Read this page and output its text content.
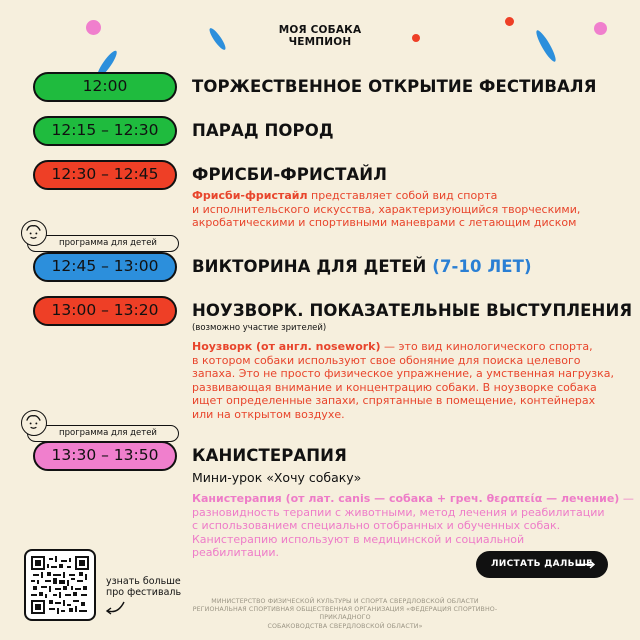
МОЯ СОБАКА
ЧЕМПИОН
12:00	ТОРЖЕСТВЕННОЕ ОТКРЫТИЕ ФЕСТИВАЛЯ
12:15 – 12:30	ПАРАД ПОРОД
12:30 – 12:45	ФРИСБИ-ФРИСТАЙЛ
Фрисби-фристайл представляет собой вид спорта
и исполнительского искусства, характеризующийся творческими,
акробатическими и спортивными маневрами с летающим диском
программа для детей
12:45 – 13:00	ВИКТОРИНА ДЛЯ ДЕТЕЙ (7-10 ЛЕТ)
13:00 – 13:20	НОУЗВОРК. ПОКАЗАТЕЛЬНЫЕ ВЫСТУПЛЕНИЯ
(возможно участие зрителей)
Ноузворк (от англ. nosework) — это вид кинологического спорта,
в котором собаки используют свое обоняние для поиска целевого
запаха. Это не просто физическое упражнение, а умственная нагрузка,
развивающая внимание и концентрацию собаки. В ноузворке собака
ищет определенные запахи, спрятанные в помещение, контейнерах
или на открытом воздухе.
программа для детей
13:30 – 13:50	КАНИСТЕРАПИЯ
Мини-урок «Хочу собаку»
Канистерапия (от лат. canis — собака + греч. θεραπεία — лечение) —
разновидность терапии с животными, метод лечения и реабилитации
с использованием специально отобранных и обученных собак.
Канистерапию используют в медицинской и социальной
реабилитации.
узнать больше
про фестиваль
ЛИСТАТЬ ДАЛЬШЕ
МИНИСТЕРСТВО ФИЗИЧЕСКОЙ КУЛЬТУРЫ И СПОРТА СВЕРДЛОВСКОЙ ОБЛАСТИ
РЕГИОНАЛЬНАЯ СПОРТИВНАЯ ОБЩЕСТВЕННАЯ ОРГАНИЗАЦИЯ «ФЕДЕРАЦИЯ СПОРТИВНО-ПРИКЛАДНОГО
СОБАКОВОДСТВА СВЕРДЛОВСКОЙ ОБЛАСТИ»
